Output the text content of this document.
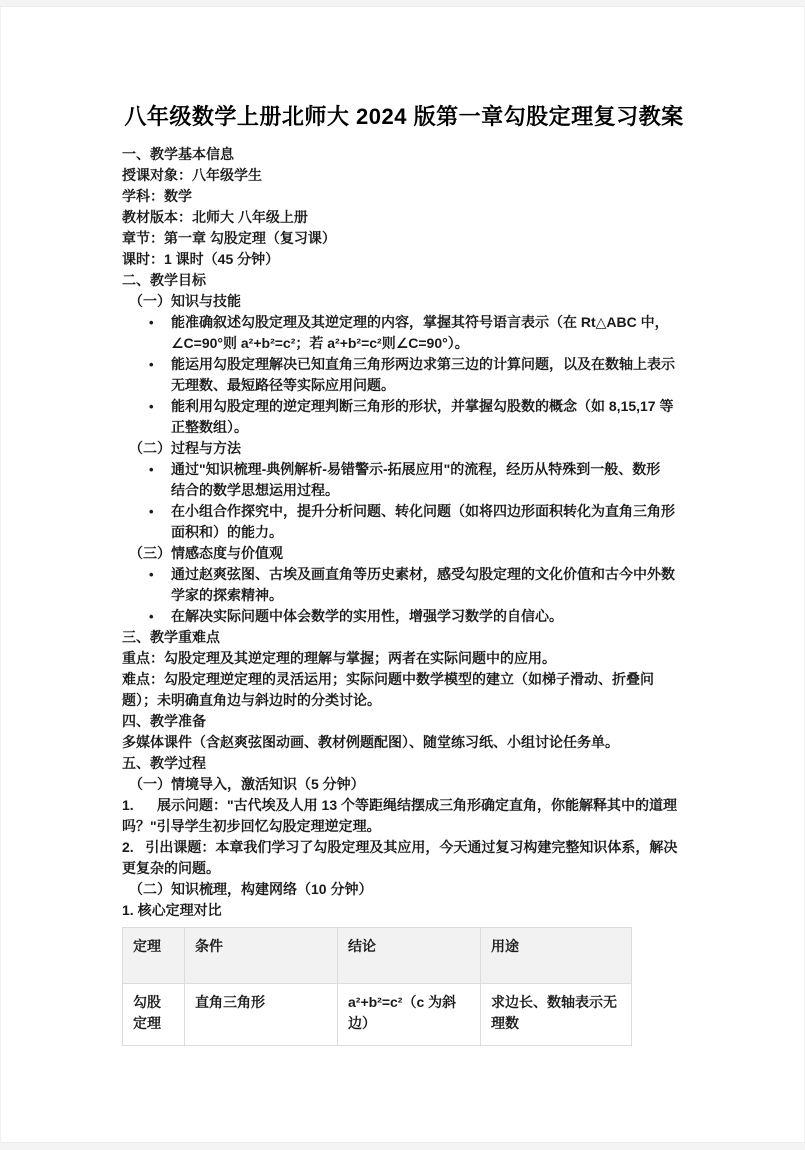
八年级数学上册北师大 2024 版第一章勾股定理复习教案
一、教学基本信息
授课对象：八年级学生
学科：数学
教材版本：北师大 八年级上册
章节：第一章 勾股定理（复习课）
课时：1 课时（45 分钟）
二、教学目标
（一）知识与技能
•	能准确叙述勾股定理及其逆定理的内容，掌握其符号语言表示（在 Rt△ABC 中，
∠C=90°则 a²+b²=c²；若 a²+b²=c²则∠C=90°）。
•	能运用勾股定理解决已知直角三角形两边求第三边的计算问题，以及在数轴上表示
无理数、最短路径等实际应用问题。
•	能利用勾股定理的逆定理判断三角形的形状，并掌握勾股数的概念（如 8,15,17 等
正整数组）。
（二）过程与方法
•	通过"知识梳理-典例解析-易错警示-拓展应用"的流程，经历从特殊到一般、数形
结合的数学思想运用过程。
•	在小组合作探究中，提升分析问题、转化问题（如将四边形面积转化为直角三角形
面积和）的能力。
（三）情感态度与价值观
•	通过赵爽弦图、古埃及画直角等历史素材，感受勾股定理的文化价值和古今中外数
学家的探索精神。
•	在解决实际问题中体会数学的实用性，增强学习数学的自信心。
三、教学重难点
重点：勾股定理及其逆定理的理解与掌握；两者在实际问题中的应用。
难点：勾股定理逆定理的灵活运用；实际问题中数学模型的建立（如梯子滑动、折叠问
题）；未明确直角边与斜边时的分类讨论。
四、教学准备
多媒体课件（含赵爽弦图动画、教材例题配图）、随堂练习纸、小组讨论任务单。
五、教学过程
（一）情境导入，激活知识（5 分钟）
1.      展示问题："古代埃及人用 13 个等距绳结摆成三角形确定直角，你能解释其中的道理
吗？"引导学生初步回忆勾股定理逆定理。
2.   引出课题：本章我们学习了勾股定理及其应用，今天通过复习构建完整知识体系，解决
更复杂的问题。
（二）知识梳理，构建网络（10 分钟）
1. 核心定理对比
定理	条件	结论	用途
勾股定理	直角三角形	a²+b²=c²（c 为斜边）	求边长、数轴表示无理数
